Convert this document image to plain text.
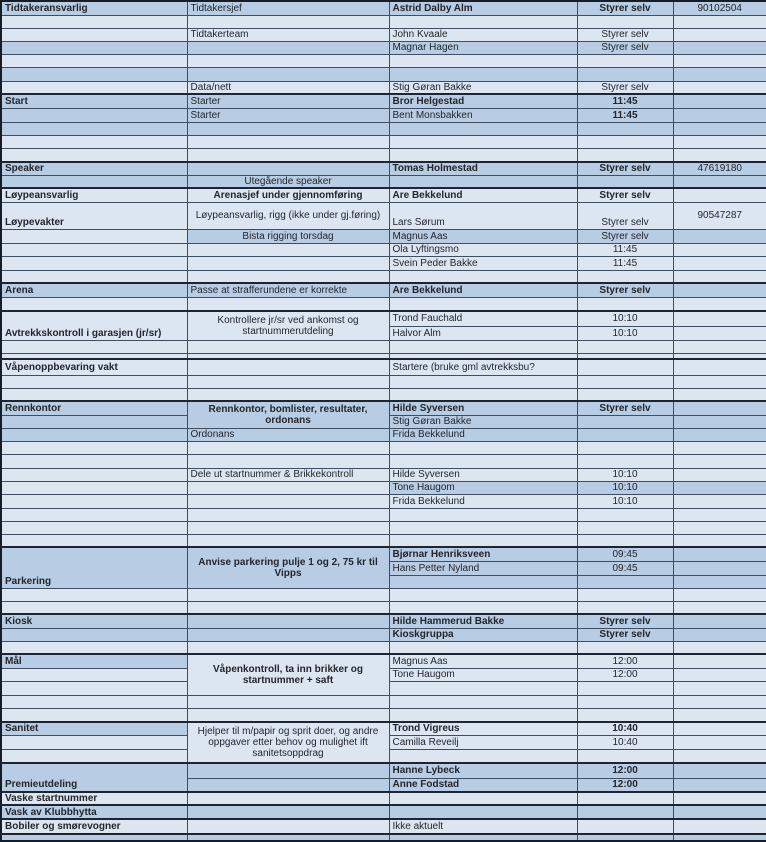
Tidtakeransvarlig	Tidtakersjef	Astrid Dalby Alm	Styrer selv	90102504

	Tidtakerteam	John Kvaale	Styrer selv	
		Magnar Hagen	Styrer selv	

	Data/nett	Stig Gøran Bakke	Styrer selv	
Start	Starter	Bror Helgestad	11:45	
	Starter	Bent Monsbakken	11:45	

Speaker		Tomas Holmestad	Styrer selv	47619180
	Utegående speaker			
Løypeansvarlig	Arenasjef under gjennomføring	Are Bekkelund	Styrer selv	
Løypevakter	Løypeansvarlig, rigg (ikke under gj.føring)	Lars Sørum	Styrer selv	90547287
	Bista rigging torsdag	Magnus Aas	Styrer selv	
		Ola Lyftingsmo	11:45	
		Svein Peder Bakke	11:45	

Arena	Passe at strafferundene er korrekte	Are Bekkelund	Styrer selv	

Avtrekkskontroll i garasjen (jr/sr)	Kontrollere jr/sr ved ankomst og startnummerutdeling	Trond Fauchald	10:10	
		Halvor Alm	10:10	

Våpenoppbevaring vakt		Startere (bruke gml avtrekksbu?		

Rennkontor	Rennkontor, bomlister, resultater, ordonans	Hilde Syversen	Styrer selv	
		Stig Gøran Bakke		
	Ordonans	Frida Bekkelund		

	Dele ut startnummer & Brikkekontroll	Hilde Syversen	10:10	
		Tone Haugom	10:10	
		Frida Bekkelund	10:10	

Parkering	Anvise parkering pulje 1 og 2, 75 kr til Vipps	Bjørnar Henriksveen	09:45	
		Hans Petter Nyland	09:45	

Kiosk		Hilde Hammerud Bakke	Styrer selv	
		Kioskgruppa	Styrer selv	

Mål	Våpenkontroll, ta inn brikker og startnummer + saft	Magnus Aas	12:00	
		Tone Haugom	12:00	

Sanitet	Hjelper til m/papir og sprit doer, og andre oppgaver etter behov og mulighet ift sanitetsoppdrag	Trond Vigreus	10:40	
		Camilla Reveilj	10:40	

Premieutdeling		Hanne Lybeck	12:00	
		Anne Fodstad	12:00	
Vaske startnummer				
Vask av Klubbhytta				
Bobiler og smørevogner		Ikke aktuelt		
